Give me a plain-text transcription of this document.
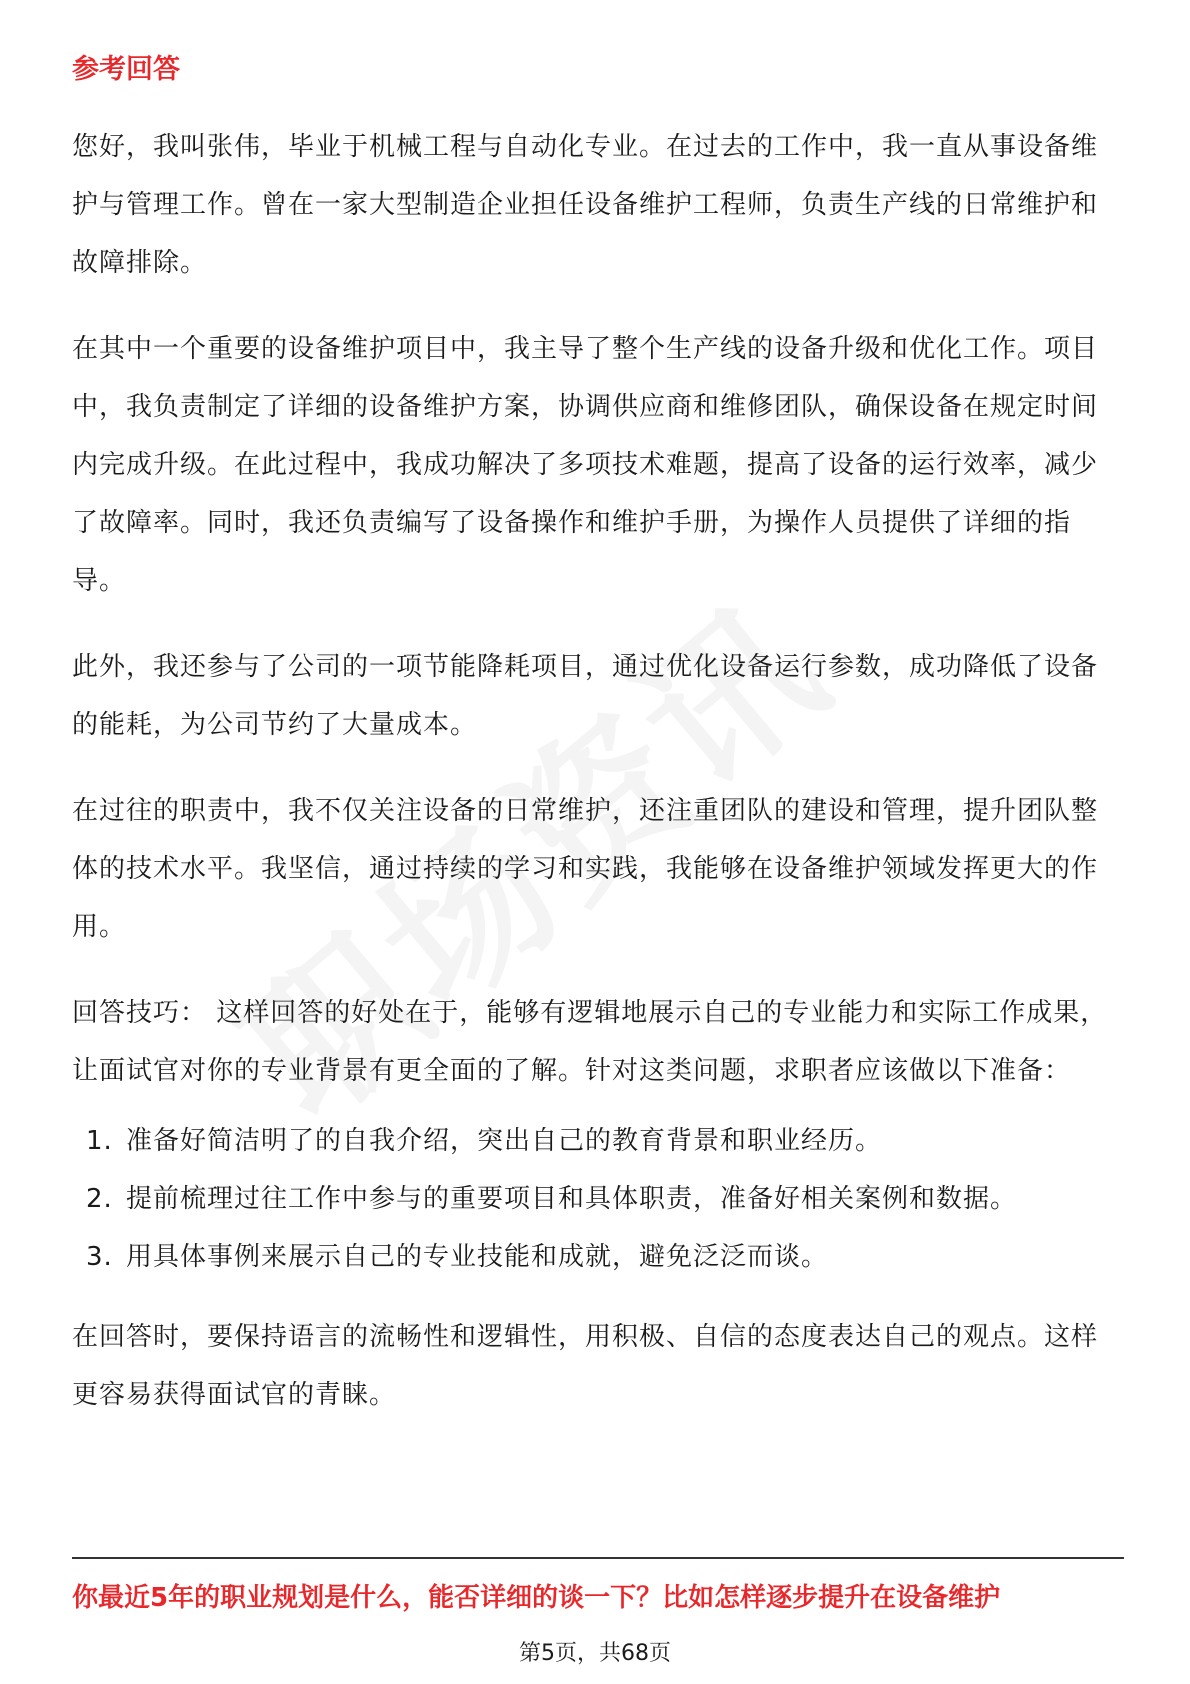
参考回答

您好，我叫张伟，毕业于机械工程与自动化专业。在过去的工作中，我一直从事设备维护与管理工作。曾在一家大型制造企业担任设备维护工程师，负责生产线的日常维护和故障排除。

在其中一个重要的设备维护项目中，我主导了整个生产线的设备升级和优化工作。项目中，我负责制定了详细的设备维护方案，协调供应商和维修团队，确保设备在规定时间内完成升级。在此过程中，我成功解决了多项技术难题，提高了设备的运行效率，减少了故障率。同时，我还负责编写了设备操作和维护手册，为操作人员提供了详细的指导。

此外，我还参与了公司的一项节能降耗项目，通过优化设备运行参数，成功降低了设备的能耗，为公司节约了大量成本。

在过往的职责中，我不仅关注设备的日常维护，还注重团队的建设和管理，提升团队整体的技术水平。我坚信，通过持续的学习和实践，我能够在设备维护领域发挥更大的作用。

回答技巧： 这样回答的好处在于，能够有逻辑地展示自己的专业能力和实际工作成果，让面试官对你的专业背景有更全面的了解。针对这类问题，求职者应该做以下准备：

1. 准备好简洁明了的自我介绍，突出自己的教育背景和职业经历。
2. 提前梳理过往工作中参与的重要项目和具体职责，准备好相关案例和数据。
3. 用具体事例来展示自己的专业技能和成就，避免泛泛而谈。

在回答时，要保持语言的流畅性和逻辑性，用积极、自信的态度表达自己的观点。这样更容易获得面试官的青睐。

你最近5年的职业规划是什么，能否详细的谈一下？比如怎样逐步提升在设备维护
第5页，共68页
